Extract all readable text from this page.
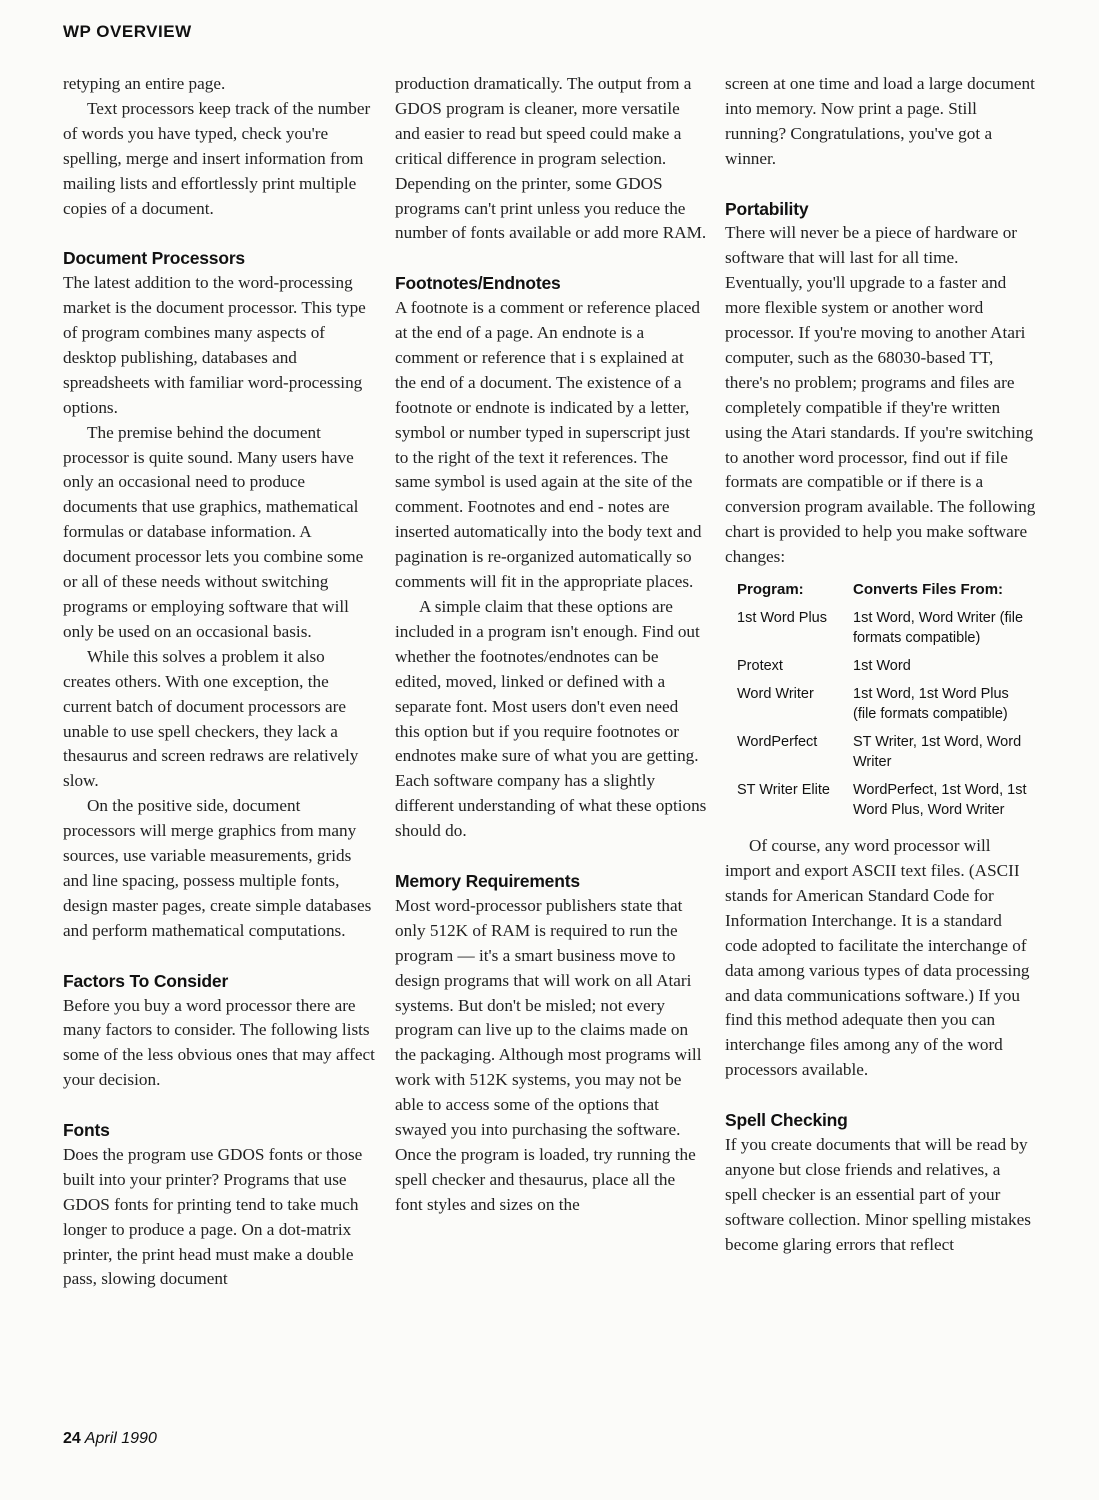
WP OVERVIEW

retyping an entire page.

Text processors keep track of the number of words you have typed, check you're spelling, merge and insert information from mailing lists and effortlessly print multiple copies of a document.

Document Processors

The latest addition to the word-processing market is the document processor. This type of program combines many aspects of desktop publishing, databases and spreadsheets with familiar word-processing options.

The premise behind the document processor is quite sound. Many users have only an occasional need to produce documents that use graphics, mathematical formulas or database information. A document processor lets you combine some or all of these needs without switching programs or employing software that will only be used on an occasional basis.

While this solves a problem it also creates others. With one exception, the current batch of document processors are unable to use spell checkers, they lack a thesaurus and screen redraws are relatively slow.

On the positive side, document processors will merge graphics from many sources, use variable measurements, grids and line spacing, possess multiple fonts, design master pages, create simple databases and perform mathematical computations.

Factors To Consider

Before you buy a word processor there are many factors to consider. The following lists some of the less obvious ones that may affect your decision.

Fonts

Does the program use GDOS fonts or those built into your printer? Programs that use GDOS fonts for printing tend to take much longer to produce a page. On a dot-matrix printer, the print head must make a double pass, slowing document

production dramatically. The output from a GDOS program is cleaner, more versatile and easier to read but speed could make a critical difference in program selection. Depending on the printer, some GDOS programs can't print unless you reduce the number of fonts available or add more RAM.

Footnotes/Endnotes

A footnote is a comment or reference placed at the end of a page. An endnote is a comment or reference that i s explained at the end of a document. The existence of a footnote or endnote is indicated by a letter, symbol or number typed in superscript just to the right of the text it references. The same symbol is used again at the site of the comment. Footnotes and end - notes are inserted automatically into the body text and pagination is re-organized automatically so comments will fit in the appropriate places.

A simple claim that these options are included in a program isn't enough. Find out whether the footnotes/endnotes can be edited, moved, linked or defined with a separate font. Most users don't even need this option but if you require footnotes or endnotes make sure of what you are getting. Each software company has a slightly different understanding of what these options should do.

Memory Requirements

Most word-processor publishers state that only 512K of RAM is required to run the program — it's a smart business move to design programs that will work on all Atari systems. But don't be misled; not every program can live up to the claims made on the packaging. Although most programs will work with 512K systems, you may not be able to access some of the options that swayed you into purchasing the software. Once the program is loaded, try running the spell checker and thesaurus, place all the font styles and sizes on the

screen at one time and load a large document into memory. Now print a page. Still running? Congratulations, you've got a winner.

Portability

There will never be a piece of hardware or software that will last for all time. Eventually, you'll upgrade to a faster and more flexible system or another word processor. If you're moving to another Atari computer, such as the 68030-based TT, there's no problem; programs and files are completely compatible if they're written using the Atari standards. If you're switching to another word processor, find out if file formats are compatible or if there is a conversion program available. The following chart is provided to help you make software changes:

Program:	Converts Files From:
1st Word Plus	1st Word, Word Writer (file formats compatible)
Protext	1st Word
Word Writer	1st Word, 1st Word Plus (file formats compatible)
WordPerfect	ST Writer, 1st Word, Word Writer
ST Writer Elite	WordPerfect, 1st Word, 1st Word Plus, Word Writer

Of course, any word processor will import and export ASCII text files. (ASCII stands for American Standard Code for Information Interchange. It is a standard code adopted to facilitate the interchange of data among various types of data processing and data communications software.) If you find this method adequate then you can interchange files among any of the word processors available.

Spell Checking

If you create documents that will be read by anyone but close friends and relatives, a spell checker is an essential part of your software collection. Minor spelling mistakes become glaring errors that reflect

24 April 1990
